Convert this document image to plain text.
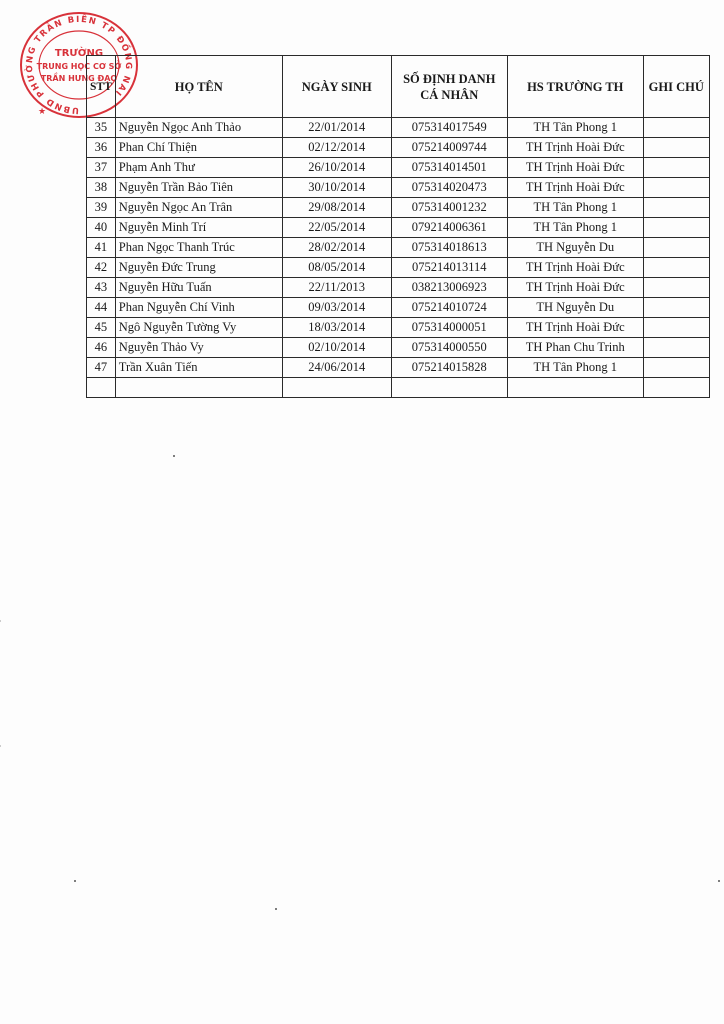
UBND PHƯỜNG TRẢN BIÊN TP ĐỒNG NAI
TRƯỜNG
TRUNG HỌC CƠ SỞ
TRẦN HƯNG ĐẠO
★
STT	HỌ TÊN	NGÀY SINH	SỐ ĐỊNH DANH CÁ NHÂN	HS TRƯỜNG TH	GHI CHÚ
35	Nguyễn Ngọc Anh Thảo	22/01/2014	075314017549	TH Tân Phong 1	
36	Phan Chí Thiện	02/12/2014	075214009744	TH Trịnh Hoài Đức	
37	Phạm Anh Thư	26/10/2014	075314014501	TH Trịnh Hoài Đức	
38	Nguyễn Trần Bảo Tiên	30/10/2014	075314020473	TH Trịnh Hoài Đức	
39	Nguyễn Ngọc An Trân	29/08/2014	075314001232	TH Tân Phong 1	
40	Nguyễn Minh Trí	22/05/2014	079214006361	TH Tân Phong 1	
41	Phan Ngọc Thanh Trúc	28/02/2014	075314018613	TH Nguyễn Du	
42	Nguyễn Đức Trung	08/05/2014	075214013114	TH Trịnh Hoài Đức	
43	Nguyễn Hữu Tuấn	22/11/2013	038213006923	TH Trịnh Hoài Đức	
44	Phan Nguyễn Chí Vinh	09/03/2014	075214010724	TH Nguyễn Du	
45	Ngô Nguyễn Tường Vy	18/03/2014	075314000051	TH Trịnh Hoài Đức	
46	Nguyễn Thảo Vy	02/10/2014	075314000550	TH Phan Chu Trinh	
47	Trần Xuân Tiến	24/06/2014	075214015828	TH Tân Phong 1	
